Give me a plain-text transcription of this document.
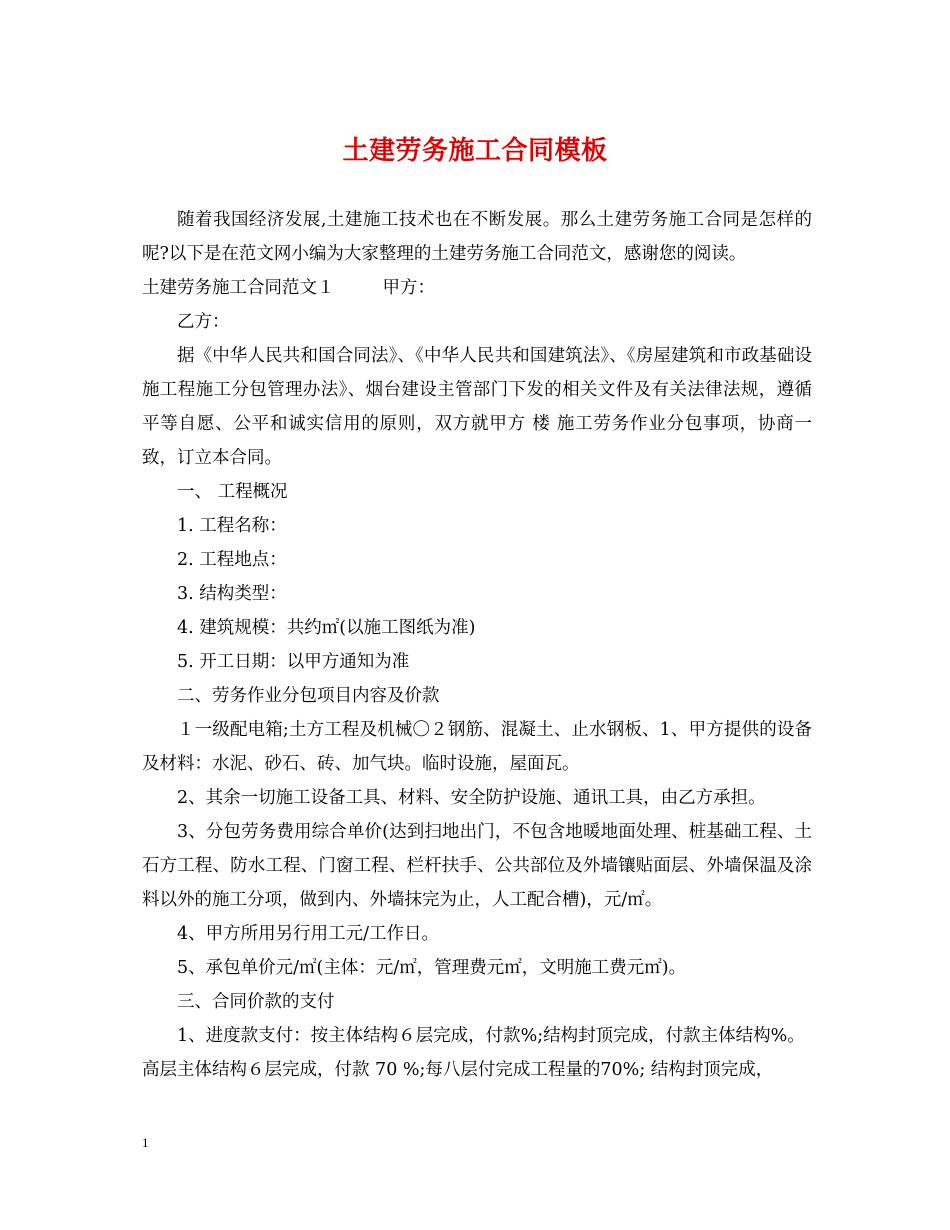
土建劳务施工合同模板

随着我国经济发展,土建施工技术也在不断发展。那么土建劳务施工合同是怎样的呢?以下是在范文网小编为大家整理的土建劳务施工合同范文，感谢您的阅读。

土建劳务施工合同范文１	甲方：

乙方：

据《中华人民共和国合同法》、《中华人民共和国建筑法》、《房屋建筑和市政基础设施工程施工分包管理办法》、烟台建设主管部门下发的相关文件及有关法律法规，遵循平等自愿、公平和诚实信用的原则，双方就甲方 楼 施工劳务作业分包事项，协商一致，订立本合同。

一、 工程概况

1. 工程名称：

2. 工程地点：

3. 结构类型：

4. 建筑规模：共约㎡(以施工图纸为准)

5. 开工日期：以甲方通知为准

二、劳务作业分包项目内容及价款

１一级配电箱;土方工程及机械〇２钢筋、混凝土、止水钢板、1、甲方提供的设备及材料：水泥、砂石、砖、加气块。临时设施，屋面瓦。

2、其余一切施工设备工具、材料、安全防护设施、通讯工具，由乙方承担。

3、分包劳务费用综合单价(达到扫地出门，不包含地暖地面处理、桩基础工程、土石方工程、防水工程、门窗工程、栏杆扶手、公共部位及外墙镶贴面层、外墙保温及涂料以外的施工分项，做到内、外墙抹完为止，人工配合槽)，元/㎡。

4、甲方所用另行用工元/工作日。

5、承包单价元/㎡(主体：元/㎡，管理费元㎡，文明施工费元㎡)。

三、合同价款的支付

1、进度款支付：按主体结构６层完成，付款%;结构封顶完成，付款主体结构%。

高层主体结构６层完成，付款 70 %;每八层付完成工程量的70%; 结构封顶完成，

1
